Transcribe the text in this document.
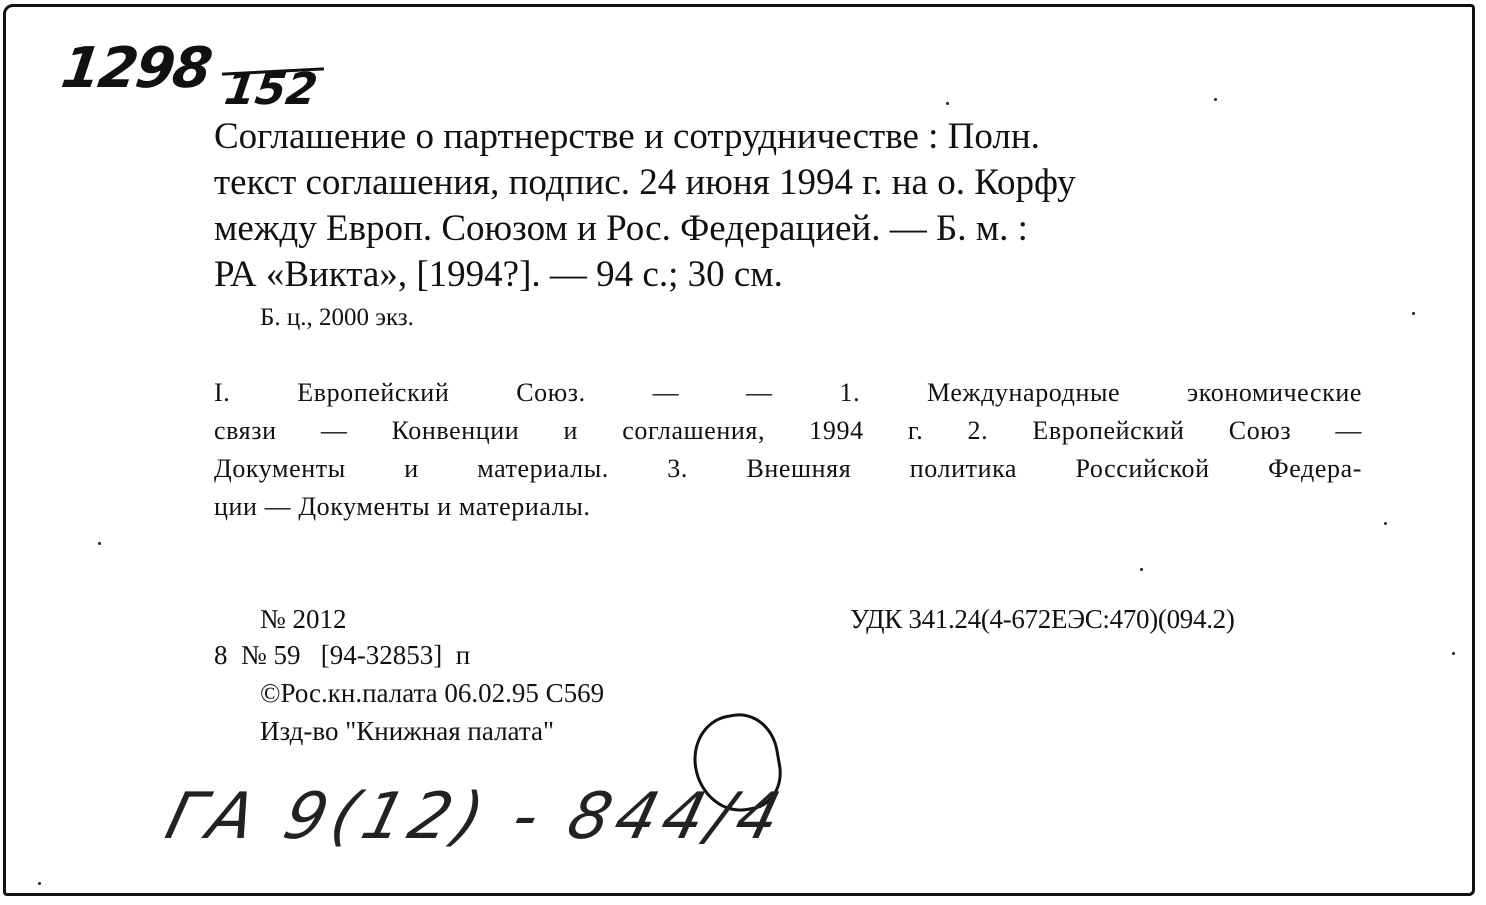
1298 152
Соглашение о партнерстве и сотрудничестве : Полн.
текст соглашения, подпис. 24 июня 1994 г. на о. Корфу
между Европ. Союзом и Рос. Федерацией. — Б. м. :
РА «Викта», [1994?]. — 94 с.; 30 см.
Б. ц., 2000 экз.
I. Европейский Союз. — — 1. Международные экономические
связи — Конвенции и соглашения, 1994 г. 2. Европейский Союз —
Документы и материалы. 3. Внешняя политика Российской Федера-
ции — Документы и материалы.
№ 2012
8  № 59   [94-32853]  п
©Рос.кн.палата 06.02.95 С569
Изд-во "Книжная палата"
УДК 341.24(4-672ЕЭС:470)(094.2)
ГА 9(12) - 844/4
